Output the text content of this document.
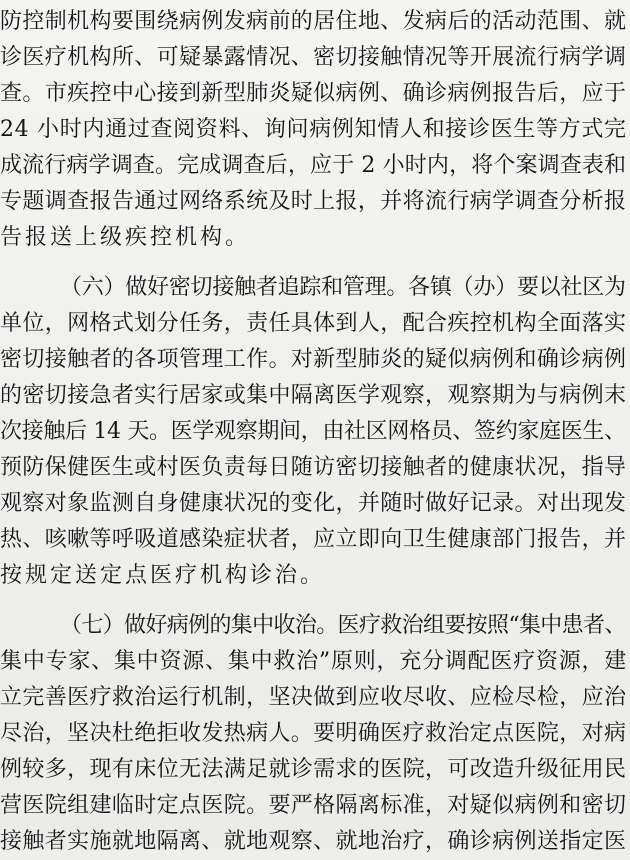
防控制机构要围绕病例发病前的居住地、发病后的活动范围、就
诊医疗机构所、可疑暴露情况、密切接触情况等开展流行病学调
查。市疾控中心接到新型肺炎疑似病例、确诊病例报告后，应于
24 小时内通过查阅资料、询问病例知情人和接诊医生等方式完
成流行病学调查。完成调查后，应于 2 小时内，将个案调查表和
专题调查报告通过网络系统及时上报，并将流行病学调查分析报
告报送上级疾控机构。
（六）做好密切接触者追踪和管理。各镇（办）要以社区为
单位，网格式划分任务，责任具体到人，配合疾控机构全面落实
密切接触者的各项管理工作。对新型肺炎的疑似病例和确诊病例
的密切接急者实行居家或集中隔离医学观察，观察期为与病例末
次接触后 14 天。医学观察期间，由社区网格员、签约家庭医生、
预防保健医生或村医负责每日随访密切接触者的健康状况，指导
观察对象监测自身健康状况的变化，并随时做好记录。对出现发
热、咳嗽等呼吸道感染症状者，应立即向卫生健康部门报告，并
按规定送定点医疗机构诊治。
（七）做好病例的集中收治。医疗救治组要按照“集中患者、
集中专家、集中资源、集中救治”原则，充分调配医疗资源，建
立完善医疗救治运行机制，坚决做到应收尽收、应检尽检，应治
尽治，坚决杜绝拒收发热病人。要明确医疗救治定点医院，对病
例较多，现有床位无法满足就诊需求的医院，可改造升级征用民
营医院组建临时定点医院。要严格隔离标准，对疑似病例和密切
接触者实施就地隔离、就地观察、就地治疗，确诊病例送指定医
